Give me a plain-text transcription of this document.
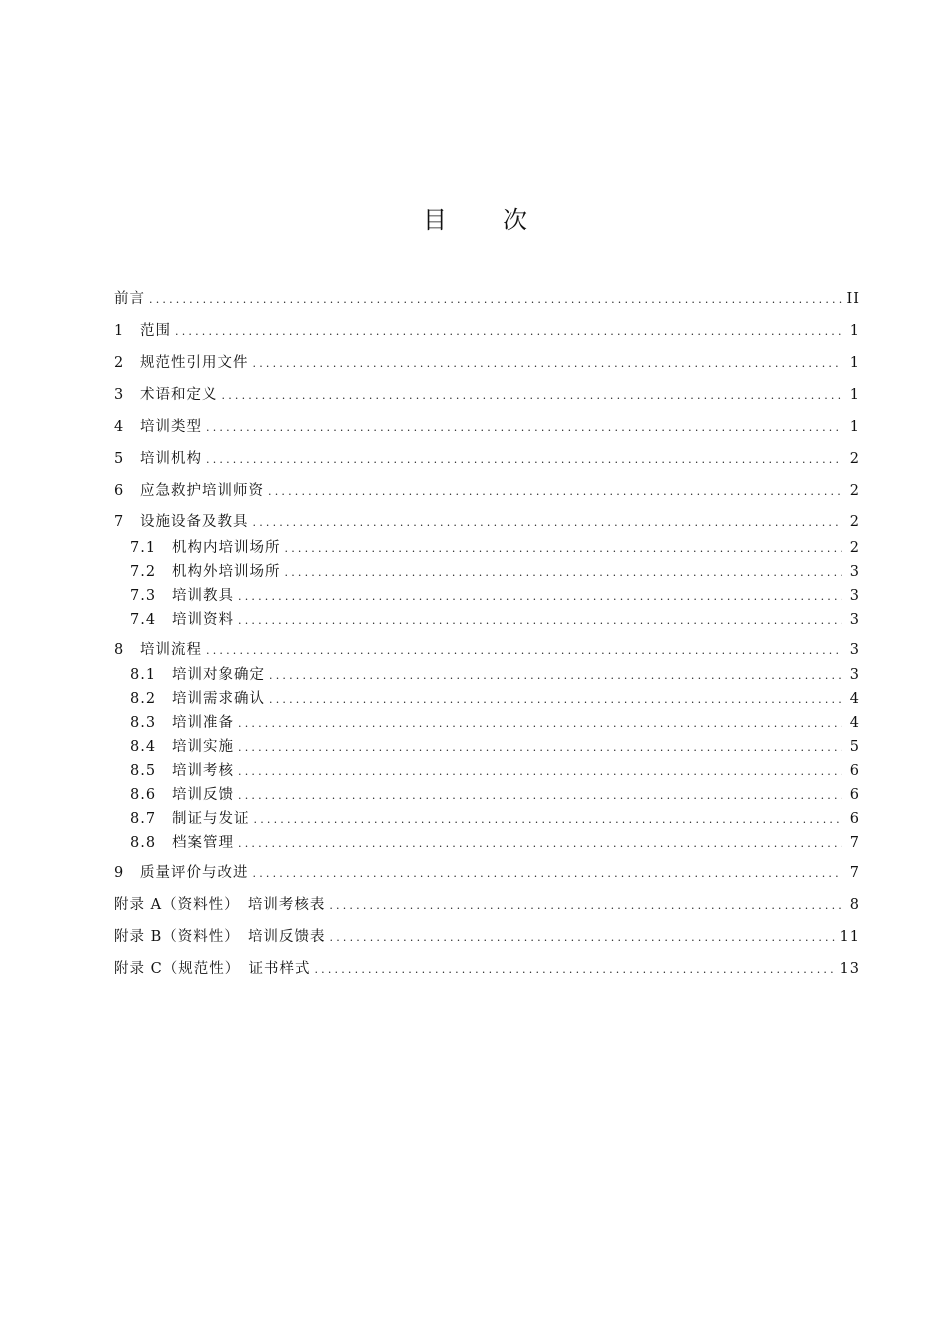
目 次
前言 .....	II
1	范围 .....	1
2	规范性引用文件 .....	1
3	术语和定义 .....	1
4	培训类型 .....	1
5	培训机构 .....	2
6	应急救护培训师资 .....	2
7	设施设备及教具 .....	2
7.1	机构内培训场所 .....	2
7.2	机构外培训场所 .....	3
7.3	培训教具 .....	3
7.4	培训资料 .....	3
8	培训流程 .....	3
8.1	培训对象确定 .....	3
8.2	培训需求确认 .....	4
8.3	培训准备 .....	4
8.4	培训实施 .....	5
8.5	培训考核 .....	6
8.6	培训反馈 .....	6
8.7	制证与发证 .....	6
8.8	档案管理 .....	7
9	质量评价与改进 .....	7
附录 A（资料性）　培训考核表 .....	8
附录 B（资料性）　培训反馈表 .....	11
附录 C（规范性）　证书样式 .....	13
